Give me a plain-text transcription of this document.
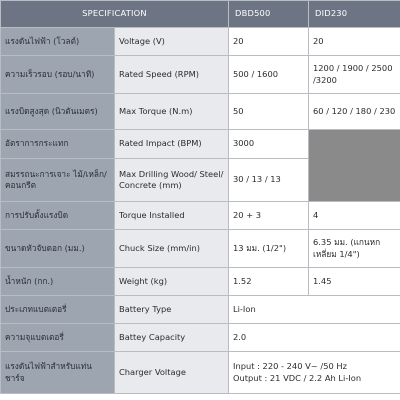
SPECIFICATION		DBD500	DID230
แรงดันไฟฟ้า (โวลต์)	Voltage (V)	20	20
ความเร็วรอบ (รอบ/นาที)	Rated Speed (RPM)	500 / 1600	1200 / 1900 / 2500 /3200
แรงบิดสูงสุด (นิวตันเมตร)	Max Torque (N.m)	50	60 / 120 / 180 / 230
อัตราการกระแทก	Rated Impact (BPM)	3000	
สมรรถนะการเจาะ ไม้/เหล็ก/คอนกรีต	Max Drilling Wood/ Steel/ Concrete (mm)	30 / 13 / 13	
การปรับตั้งแรงบิด	Torque Installed	20 + 3	4
ขนาดหัวจับดอก (มม.)	Chuck Size (mm/in)	13 มม. (1/2")	6.35 มม. (แกนหกเหลี่ยม 1/4")
น้ำหนัก (กก.)	Weight (kg)	1.52	1.45
ประเภทแบตเตอรี่	Battery Type	Li-Ion	
ความจุแบตเตอรี่	Battey Capacity	2.0	
แรงดันไฟฟ้าสำหรับแท่นชาร์จ	Charger Voltage	Input : 220 - 240 V~ /50 Hz
Output : 21 VDC / 2.2 Ah Li-Ion	
